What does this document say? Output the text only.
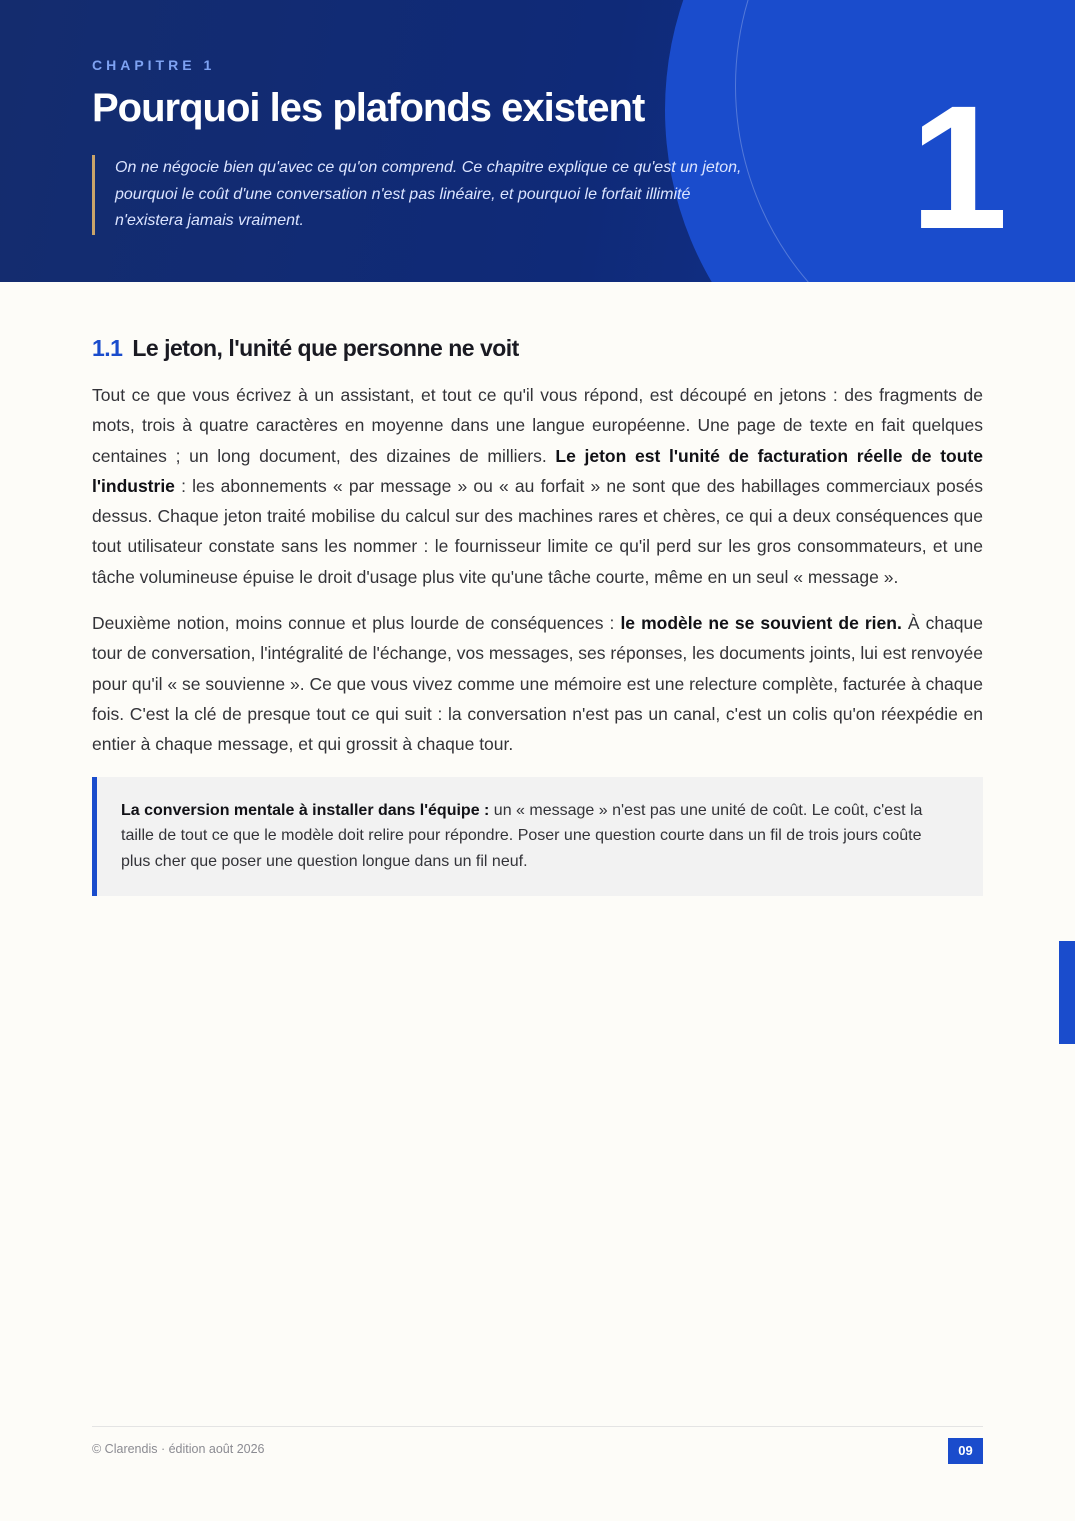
CHAPITRE 1

Pourquoi les plafonds existent

On ne négocie bien qu'avec ce qu'on comprend. Ce chapitre explique ce qu'est un jeton, pourquoi le coût d'une conversation n'est pas linéaire, et pourquoi le forfait illimité n'existera jamais vraiment.	1

1.1 Le jeton, l'unité que personne ne voit

Tout ce que vous écrivez à un assistant, et tout ce qu'il vous répond, est découpé en jetons : des fragments de mots, trois à quatre caractères en moyenne dans une langue européenne. Une page de texte en fait quelques centaines ; un long document, des dizaines de milliers. Le jeton est l'unité de facturation réelle de toute l'industrie : les abonnements « par message » ou « au forfait » ne sont que des habillages commerciaux posés dessus. Chaque jeton traité mobilise du calcul sur des machines rares et chères, ce qui a deux conséquences que tout utilisateur constate sans les nommer : le fournisseur limite ce qu'il perd sur les gros consommateurs, et une tâche volumineuse épuise le droit d'usage plus vite qu'une tâche courte, même en un seul « message ».

Deuxième notion, moins connue et plus lourde de conséquences : le modèle ne se souvient de rien. À chaque tour de conversation, l'intégralité de l'échange, vos messages, ses réponses, les documents joints, lui est renvoyée pour qu'il « se souvienne ». Ce que vous vivez comme une mémoire est une relecture complète, facturée à chaque fois. C'est la clé de presque tout ce qui suit : la conversation n'est pas un canal, c'est un colis qu'on réexpédie en entier à chaque message, et qui grossit à chaque tour.

La conversion mentale à installer dans l'équipe : un « message » n'est pas une unité de coût. Le coût, c'est la taille de tout ce que le modèle doit relire pour répondre. Poser une question courte dans un fil de trois jours coûte plus cher que poser une question longue dans un fil neuf.

© Clarendis · édition août 2026	09
